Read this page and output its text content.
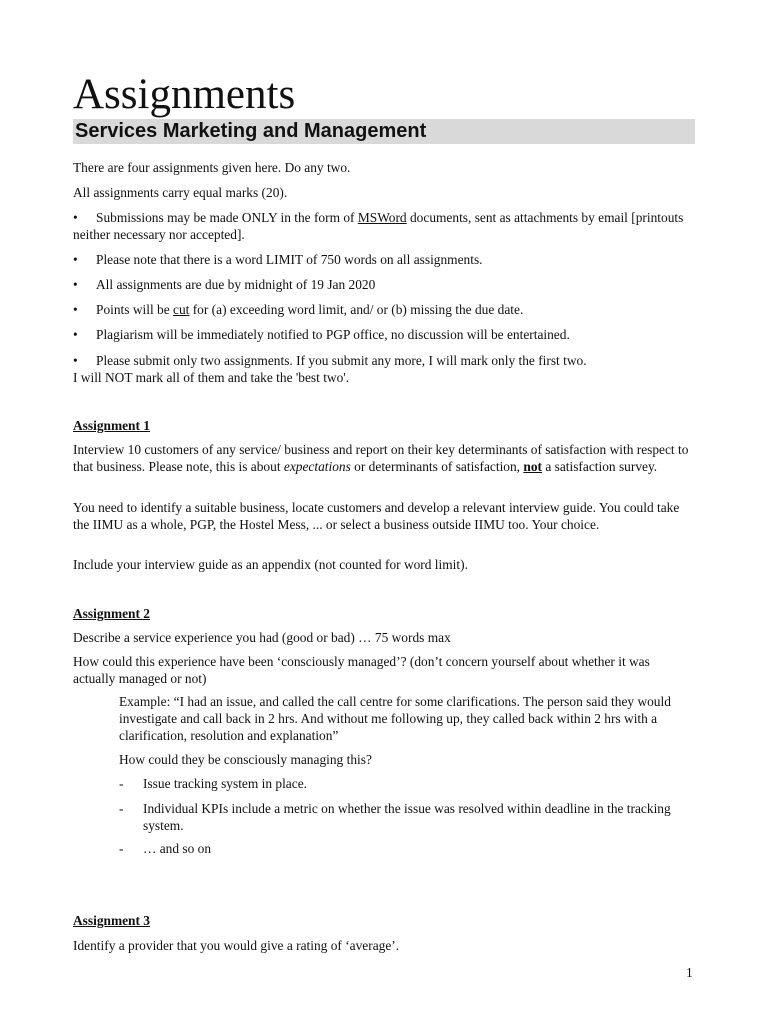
Assignments
Services Marketing and Management

There are four assignments given here. Do any two.

All assignments carry equal marks (20).

• Submissions may be made ONLY in the form of MSWord documents, sent as attachments by email [printouts neither necessary nor accepted].

• Please note that there is a word LIMIT of 750 words on all assignments.

• All assignments are due by midnight of 19 Jan 2020

• Points will be cut for (a) exceeding word limit, and/ or (b) missing the due date.

• Plagiarism will be immediately notified to PGP office, no discussion will be entertained.

• Please submit only two assignments. If you submit any more, I will mark only the first two.
I will NOT mark all of them and take the 'best two'.

Assignment 1

Interview 10 customers of any service/ business and report on their key determinants of satisfaction with respect to that business. Please note, this is about expectations or determinants of satisfaction, not a satisfaction survey.

You need to identify a suitable business, locate customers and develop a relevant interview guide. You could take the IIMU as a whole, PGP, the Hostel Mess, ... or select a business outside IIMU too. Your choice.

Include your interview guide as an appendix (not counted for word limit).

Assignment 2

Describe a service experience you had (good or bad) … 75 words max

How could this experience have been ‘consciously managed’? (don’t concern yourself about whether it was actually managed or not)

Example: “I had an issue, and called the call centre for some clarifications. The person said they would investigate and call back in 2 hrs. And without me following up, they called back within 2 hrs with a clarification, resolution and explanation”

How could they be consciously managing this?

-	Issue tracking system in place.
-	Individual KPIs include a metric on whether the issue was resolved within deadline in the tracking system.
-	… and so on

Assignment 3

Identify a provider that you would give a rating of ‘average’.

1
